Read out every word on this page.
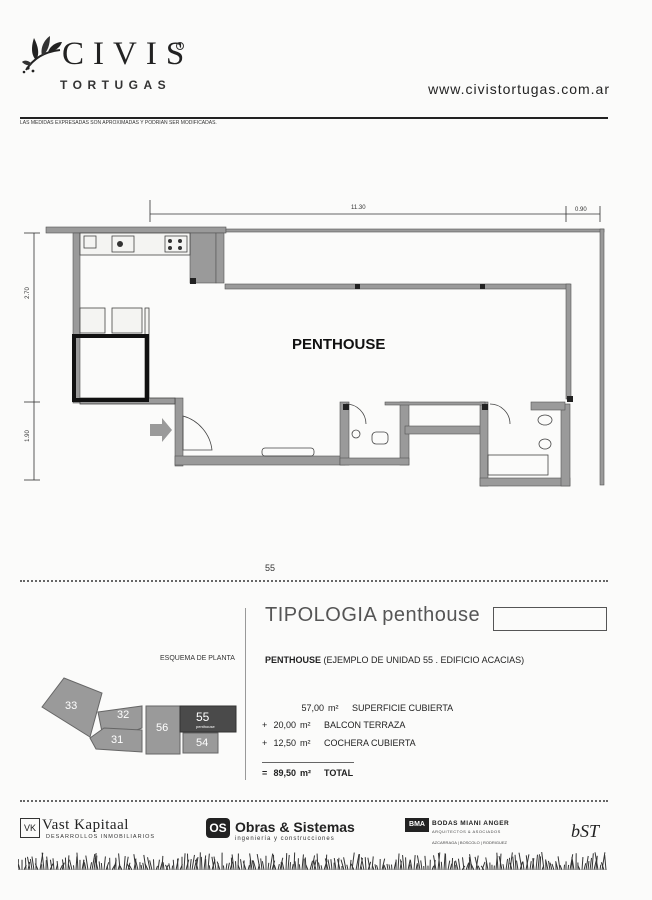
CIVIS
TORTUGAS	www.civistortugas.com.ar
LAS MEDIDAS EXPRESADAS SON APROXIMADAS Y PODRIAN SER MODIFICADAS.
11.30	0.90
2.70
1.90
PENTHOUSE
55
TIPOLOGIA penthouse
ESQUEMA DE PLANTA
33
32
31
56
55
penthouse
54
PENTHOUSE (EJEMPLO DE UNIDAD 55 . EDIFICIO ACACIAS)
57,00 m² SUPERFICIE CUBIERTA
+ 20,00 m² BALCON TERRAZA
+ 12,50 m² COCHERA CUBIERTA
= 89,50 m² TOTAL
VK Vast Kapitaal
DESARROLLOS INMOBILIARIOS
OS Obras & Sistemas
ingeniería y construcciones
BMA	BODAS MIANI ANGER
ARQUITECTOS & ASOCIADOS
AZCARRAGA | BOSCOLO | RODRIGUEZ
bST
